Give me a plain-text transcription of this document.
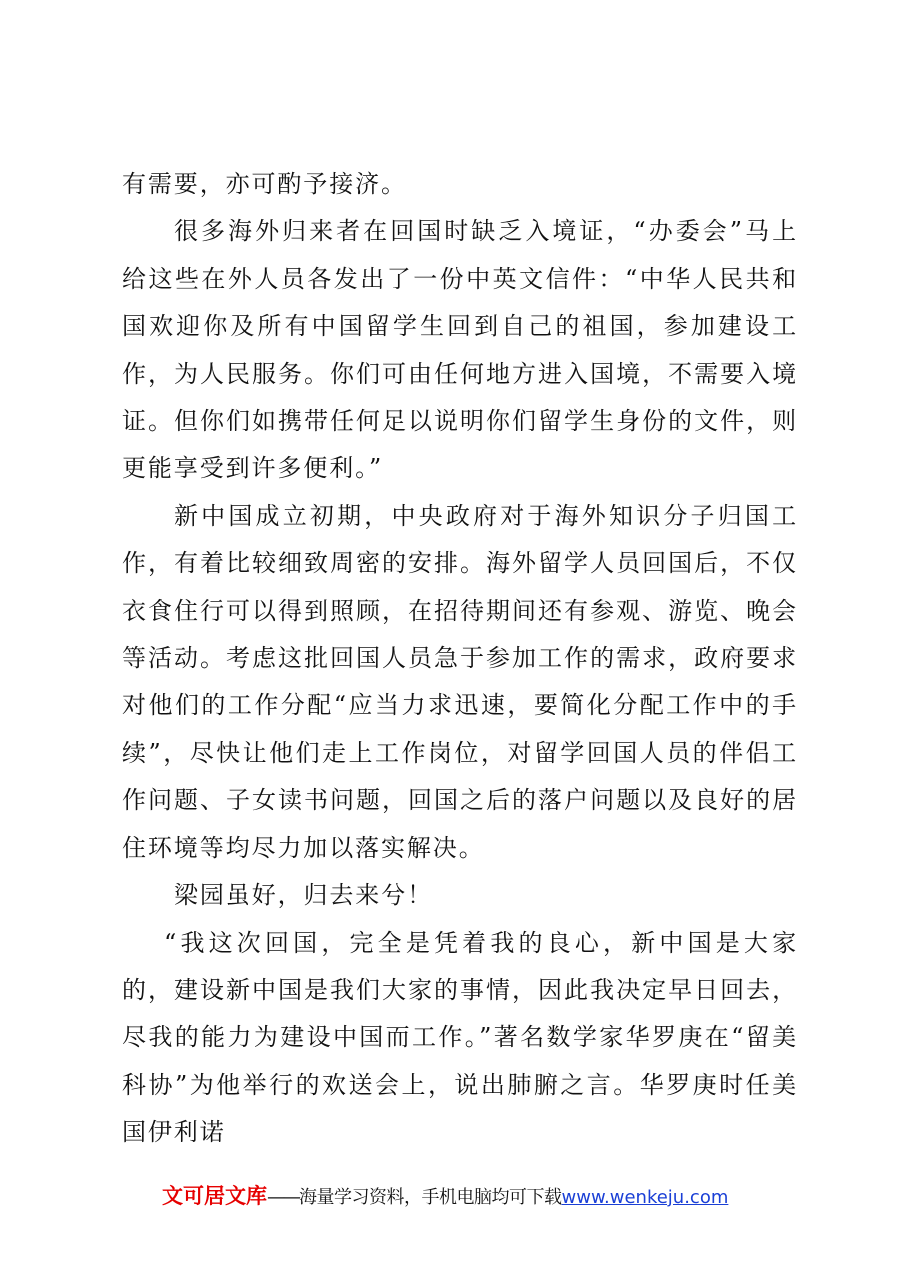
有需要，亦可酌予接济。

很多海外归来者在回国时缺乏入境证，“办委会”马上给这些在外人员各发出了一份中英文信件：“中华人民共和国欢迎你及所有中国留学生回到自己的祖国，参加建设工作，为人民服务。你们可由任何地方进入国境，不需要入境证。但你们如携带任何足以说明你们留学生身份的文件，则更能享受到许多便利。”

新中国成立初期，中央政府对于海外知识分子归国工作，有着比较细致周密的安排。海外留学人员回国后，不仅衣食住行可以得到照顾，在招待期间还有参观、游览、晚会等活动。考虑这批回国人员急于参加工作的需求，政府要求对他们的工作分配“应当力求迅速，要简化分配工作中的手续”，尽快让他们走上工作岗位，对留学回国人员的伴侣工作问题、子女读书问题，回国之后的落户问题以及良好的居住环境等均尽力加以落实解决。

梁园虽好，归去来兮！

“我这次回国，完全是凭着我的良心，新中国是大家的，建设新中国是我们大家的事情，因此我决定早日回去，尽我的能力为建设中国而工作。”著名数学家华罗庚在“留美科协”为他举行的欢送会上，说出肺腑之言。华罗庚时任美国伊利诺

文可居文库——海量学习资料，手机电脑均可下载www.wenkeju.com
